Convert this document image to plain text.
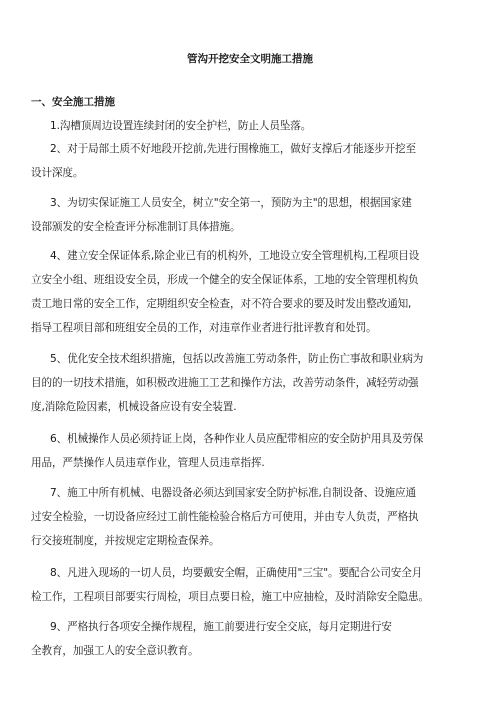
管沟开挖安全文明施工措施
一、安全施工措施
1.沟槽顶周边设置连续封闭的安全护栏，防止人员坠落。
2、对于局部土质不好地段开挖前,先进行围橡施工，做好支撑后才能逐步开挖至
设计深度。
3、为切实保证施工人员安全，树立"安全第一，预防为主"的思想，根据国家建
设部颁发的安全检查评分标准制订具体措施。
4、建立安全保证体系,除企业已有的机构外，工地设立安全管理机构,工程项目设
立安全小组、班组设安全员，形成一个健全的安全保证体系，工地的安全管理机构负
责工地日常的安全工作，定期组织安全检查，对不符合要求的要及时发出整改通知,
指导工程项目部和班组安全员的工作，对违章作业者进行批评教育和处罚。
5、优化安全技术组织措施，包括以改善施工劳动条件，防止伤亡事故和职业病为
目的的一切技术措施，如积极改进施工工艺和操作方法，改善劳动条件，减轻劳动强
度,消除危险因素，机械设备应设有安全装置.
6、机械操作人员必须持证上岗，各种作业人员应配带相应的安全防护用具及劳保
用品，严禁操作人员违章作业，管理人员违章指挥.
7、施工中所有机械、电器设备必须达到国家安全防护标准,自制设备、设施应通
过安全检验，一切设备应经过工前性能检验合格后方可使用，并由专人负责，严格执
行交接班制度，并按规定定期检查保养。
8、凡进入现场的一切人员，均要戴安全帽，正确使用"三宝"。要配合公司安全月
检工作，工程项目部要实行周检，项目点要日检，施工中应抽检，及时消除安全隐患。
9、严格执行各项安全操作规程，施工前要进行安全交底，每月定期进行安
全教育，加强工人的安全意识教育。
